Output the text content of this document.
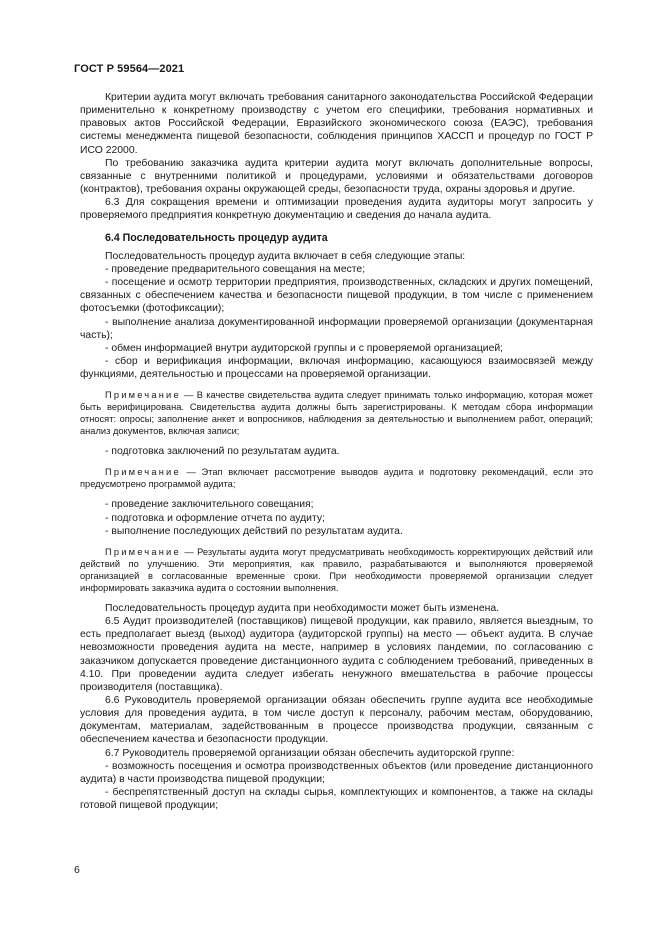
ГОСТ Р 59564—2021

Критерии аудита могут включать требования санитарного законодательства Российской Федерации применительно к конкретному производству с учетом его специфики, требования нормативных и правовых актов Российской Федерации, Евразийского экономического союза (ЕАЭС), требования системы менеджмента пищевой безопасности, соблюдения принципов ХАССП и процедур по ГОСТ Р ИСО 22000.

По требованию заказчика аудита критерии аудита могут включать дополнительные вопросы, связанные с внутренними политикой и процедурами, условиями и обязательствами договоров (контрактов), требования охраны окружающей среды, безопасности труда, охраны здоровья и другие.

6.3 Для сокращения времени и оптимизации проведения аудита аудиторы могут запросить у проверяемого предприятия конкретную документацию и сведения до начала аудита.

6.4 Последовательность процедур аудита

Последовательность процедур аудита включает в себя следующие этапы:

- проведение предварительного совещания на месте;

- посещение и осмотр территории предприятия, производственных, складских и других помещений, связанных с обеспечением качества и безопасности пищевой продукции, в том числе с применением фотосъемки (фотофиксации);

- выполнение анализа документированной информации проверяемой организации (документарная часть);

- обмен информацией внутри аудиторской группы и с проверяемой организацией;

- сбор и верификация информации, включая информацию, касающуюся взаимосвязей между функциями, деятельностью и процессами на проверяемой организации.

Примечание — В качестве свидетельства аудита следует принимать только информацию, которая может быть верифицирована. Свидетельства аудита должны быть зарегистрированы. К методам сбора информации относят: опросы; заполнение анкет и вопросников, наблюдения за деятельностью и выполнением работ, операций; анализ документов, включая записи;

- подготовка заключений по результатам аудита.

Примечание — Этап включает рассмотрение выводов аудита и подготовку рекомендаций, если это предусмотрено программой аудита;

- проведение заключительного совещания;

- подготовка и оформление отчета по аудиту;

- выполнение последующих действий по результатам аудита.

Примечание — Результаты аудита могут предусматривать необходимость корректирующих действий или действий по улучшению. Эти мероприятия, как правило, разрабатываются и выполняются проверяемой организацией в согласованные временные сроки. При необходимости проверяемой организации следует информировать заказчика аудита о состоянии выполнения.

Последовательность процедур аудита при необходимости может быть изменена.

6.5 Аудит производителей (поставщиков) пищевой продукции, как правило, является выездным, то есть предполагает выезд (выход) аудитора (аудиторской группы) на место — объект аудита. В случае невозможности проведения аудита на месте, например в условиях пандемии, по согласованию с заказчиком допускается проведение дистанционного аудита с соблюдением требований, приведенных в 4.10. При проведении аудита следует избегать ненужного вмешательства в рабочие процессы производителя (поставщика).

6.6 Руководитель проверяемой организации обязан обеспечить группе аудита все необходимые условия для проведения аудита, в том числе доступ к персоналу, рабочим местам, оборудованию, документам, материалам, задействованным в процессе производства продукции, связанным с обеспечением качества и безопасности продукции.

6.7 Руководитель проверяемой организации обязан обеспечить аудиторской группе:

- возможность посещения и осмотра производственных объектов (или проведение дистанционного аудита) в части производства пищевой продукции;

- беспрепятственный доступ на склады сырья, комплектующих и компонентов, а также на склады готовой пищевой продукции;

6
